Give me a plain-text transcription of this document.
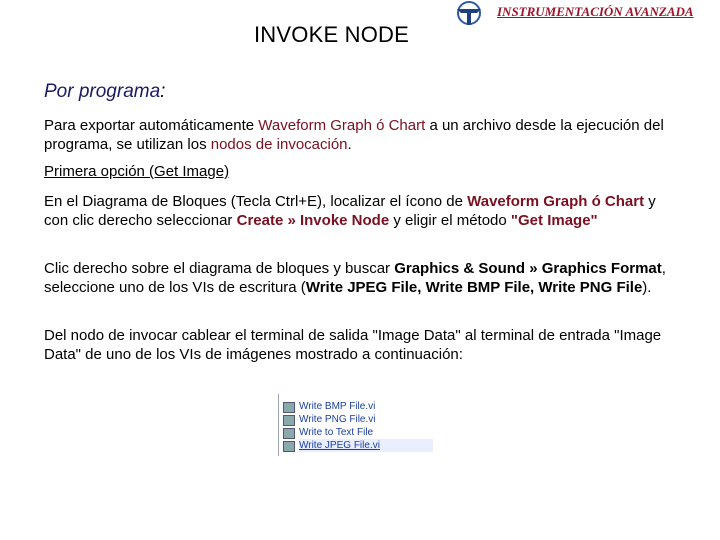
INVOKE NODE
INSTRUMENTACIÓN AVANZADA
Por programa:
Para exportar automáticamente Waveform Graph ó Chart a un archivo desde la ejecución del programa, se utilizan los nodos de invocación.
Primera opción (Get Image)
En el Diagrama de Bloques (Tecla Ctrl+E), localizar el ícono de Waveform Graph ó Chart y con clic derecho seleccionar Create » Invoke Node y eligir el método "Get Image"
Clic derecho sobre el diagrama de bloques y buscar Graphics & Sound » Graphics Format, seleccione uno de los VIs de escritura (Write JPEG File, Write BMP File, Write PNG File).
Del nodo de invocar cablear el terminal de salida "Image Data" al terminal de entrada "Image Data" de uno de los VIs de imágenes mostrado a continuación:
Write BMP File.vi
Write PNG File.vi
Write to Text File
Write JPEG File.vi
